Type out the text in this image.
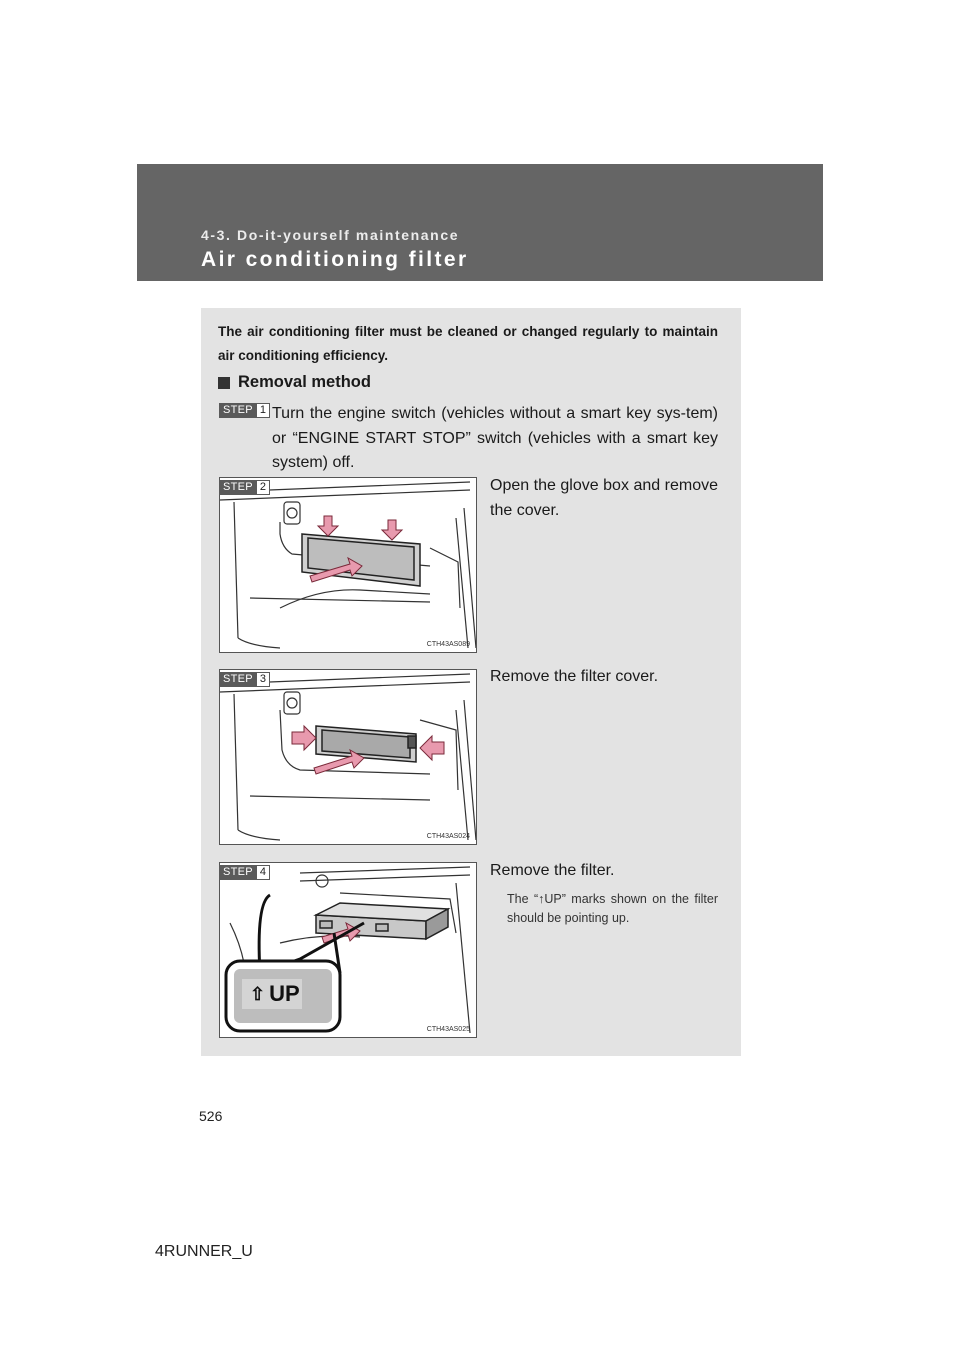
4-3. Do-it-yourself maintenance
Air conditioning filter
The air conditioning filter must be cleaned or changed regularly to maintain air conditioning efficiency.
Removal method
STEP 1 Turn the engine switch (vehicles without a smart key sys-tem) or “ENGINE START STOP” switch (vehicles with a smart key system) off.
CTH43AS089
STEP 2	Open the glove box and remove the cover.
CTH43AS024
STEP 3	Remove the filter cover.
⇧ UP
CTH43AS025
STEP 4	Remove the filter.
The “↑UP” marks shown on the filter should be pointing up.
526
4RUNNER_U
